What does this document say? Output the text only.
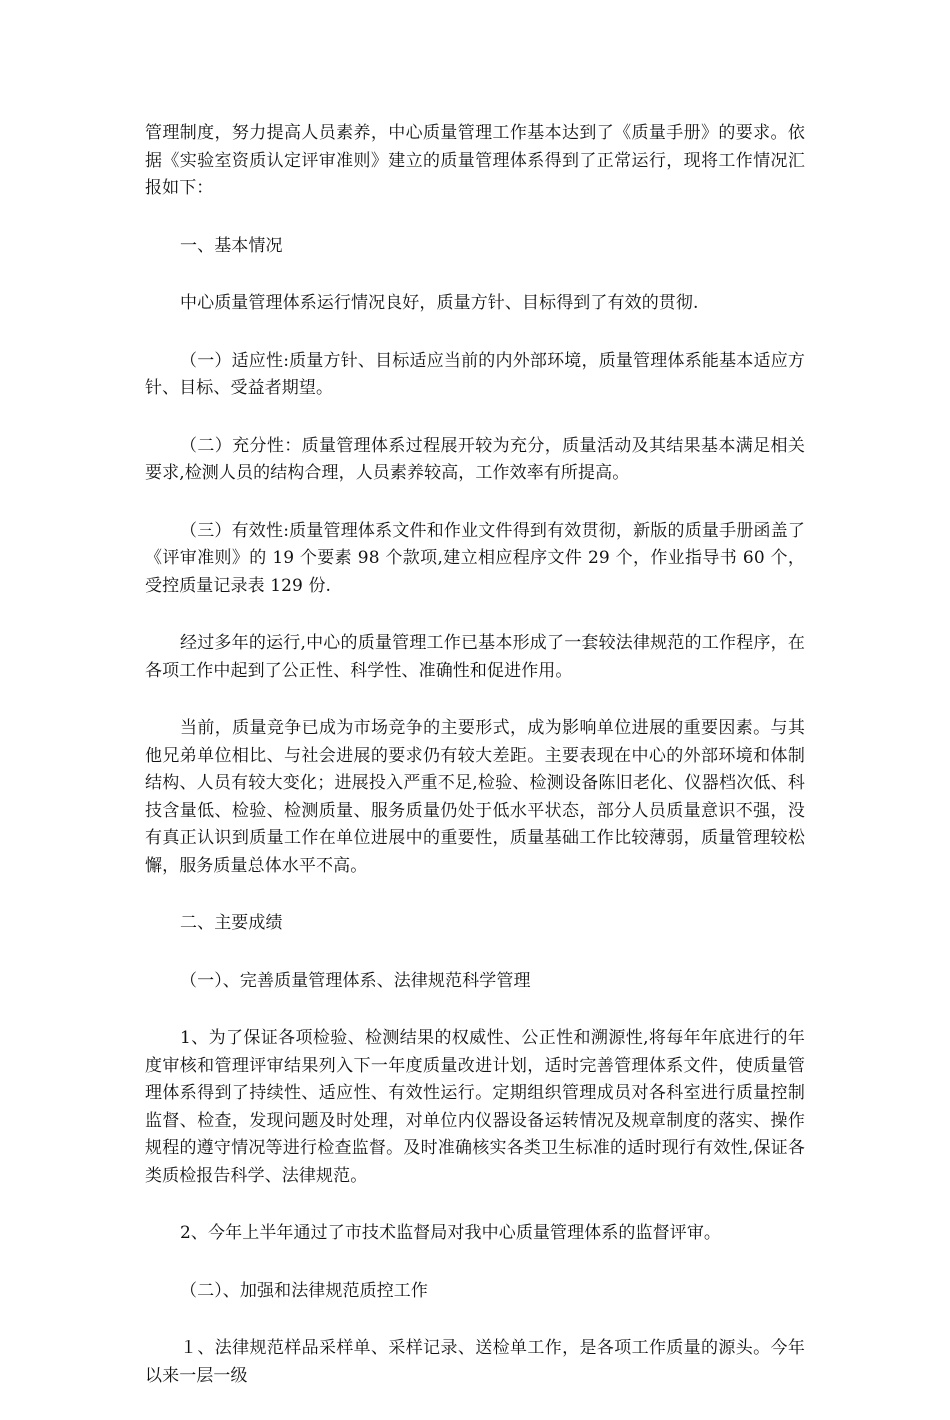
管理制度，努力提高人员素养，中心质量管理工作基本达到了《质量手册》的要求。依据《实验室资质认定评审准则》建立的质量管理体系得到了正常运行，现将工作情况汇报如下：

一、基本情况

中心质量管理体系运行情况良好，质量方针、目标得到了有效的贯彻.

（一）适应性:质量方针、目标适应当前的内外部环境，质量管理体系能基本适应方针、目标、受益者期望。

（二）充分性：质量管理体系过程展开较为充分，质量活动及其结果基本满足相关要求,检测人员的结构合理，人员素养较高，工作效率有所提高。

（三）有效性:质量管理体系文件和作业文件得到有效贯彻，新版的质量手册函盖了《评审准则》的 19 个要素 98 个款项,建立相应程序文件 29 个，作业指导书 60 个，受控质量记录表 129 份.

经过多年的运行,中心的质量管理工作已基本形成了一套较法律规范的工作程序，在各项工作中起到了公正性、科学性、准确性和促进作用。

当前，质量竞争已成为市场竞争的主要形式，成为影响单位进展的重要因素。与其他兄弟单位相比、与社会进展的要求仍有较大差距。主要表现在中心的外部环境和体制结构、人员有较大变化；进展投入严重不足,检验、检测设备陈旧老化、仪器档次低、科技含量低、检验、检测质量、服务质量仍处于低水平状态，部分人员质量意识不强，没有真正认识到质量工作在单位进展中的重要性，质量基础工作比较薄弱，质量管理较松懈，服务质量总体水平不高。

二、主要成绩

（一）、完善质量管理体系、法律规范科学管理

1、为了保证各项检验、检测结果的权威性、公正性和溯源性,将每年年底进行的年度审核和管理评审结果列入下一年度质量改进计划，适时完善管理体系文件，使质量管理体系得到了持续性、适应性、有效性运行。定期组织管理成员对各科室进行质量控制监督、检查，发现问题及时处理，对单位内仪器设备运转情况及规章制度的落实、操作规程的遵守情况等进行检查监督。及时准确核实各类卫生标准的适时现行有效性,保证各类质检报告科学、法律规范。

2、今年上半年通过了市技术监督局对我中心质量管理体系的监督评审。

（二）、加强和法律规范质控工作

１、法律规范样品采样单、采样记录、送检单工作，是各项工作质量的源头。今年以来一层一级
